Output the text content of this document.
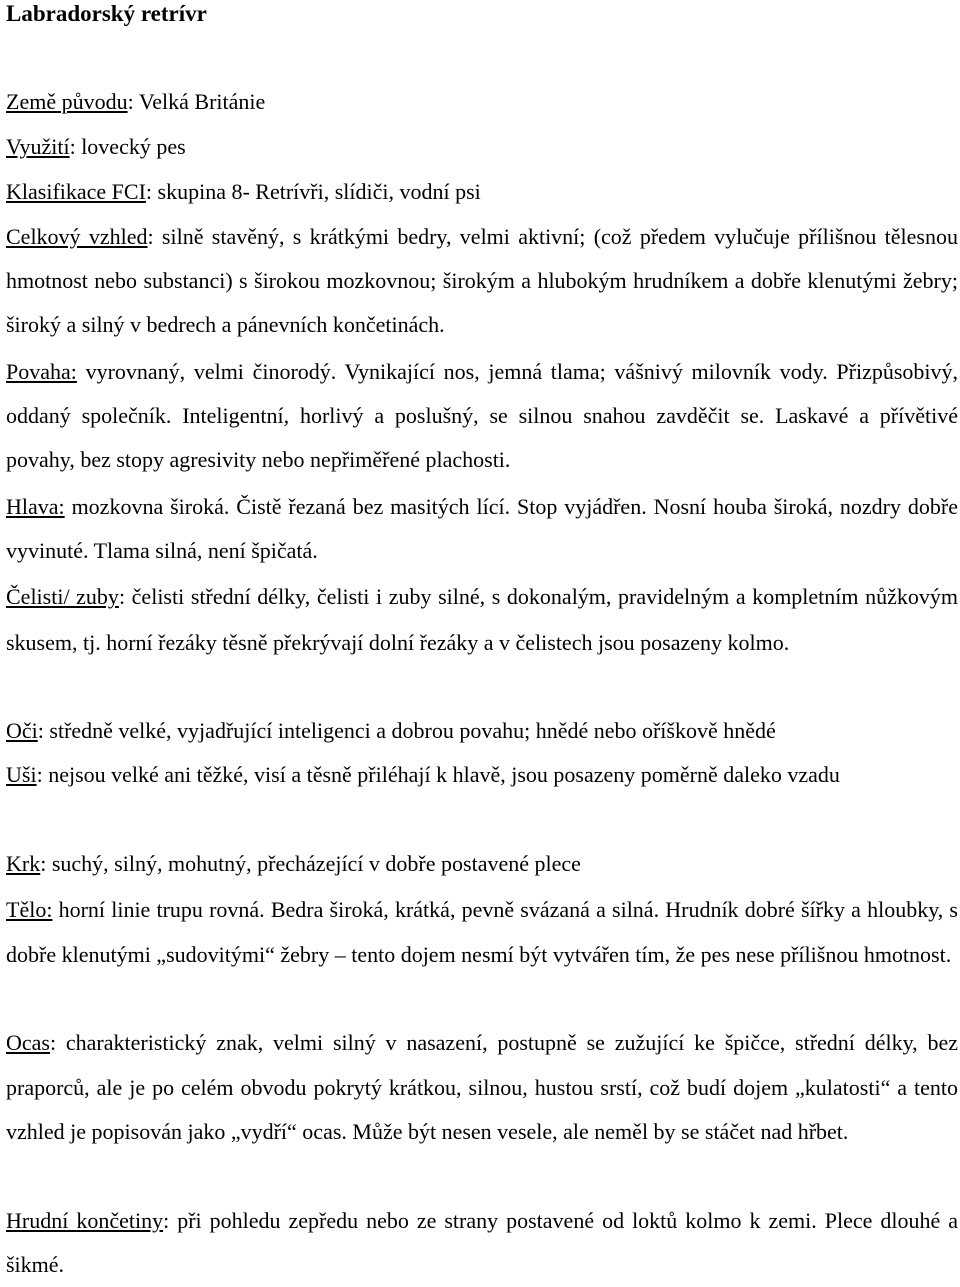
Labradorský retrívr

Země původu: Velká Británie

Využití: lovecký pes

Klasifikace FCI: skupina 8- Retrívři, slídiči, vodní psi

Celkový vzhled: silně stavěný, s krátkými bedry, velmi aktivní; (což předem vylučuje přílišnou tělesnou hmotnost nebo substanci) s širokou mozkovnou; širokým a hlubokým hrudníkem a dobře klenutými žebry; široký a silný v bedrech a pánevních končetinách.

Povaha: vyrovnaný, velmi činorodý. Vynikající nos, jemná tlama; vášnivý milovník vody. Přizpůsobivý, oddaný společník. Inteligentní, horlivý a poslušný, se silnou snahou zavděčit se. Laskavé a přívětivé povahy, bez stopy agresivity nebo nepřiměřené plachosti.

Hlava: mozkovna široká. Čistě řezaná bez masitých lící. Stop vyjádřen. Nosní houba široká, nozdry dobře vyvinuté. Tlama silná, není špičatá.

Čelisti/ zuby: čelisti střední délky, čelisti i zuby silné, s dokonalým, pravidelným a kompletním nůžkovým skusem, tj. horní řezáky těsně překrývají dolní řezáky a v čelistech jsou posazeny kolmo.

Oči: středně velké, vyjadřující inteligenci a dobrou povahu; hnědé nebo oříškově hnědé

Uši: nejsou velké ani těžké, visí a těsně přiléhají k hlavě, jsou posazeny poměrně daleko vzadu

Krk: suchý, silný, mohutný, přecházející v dobře postavené plece

Tělo: horní linie trupu rovná. Bedra široká, krátká, pevně svázaná a silná. Hrudník dobré šířky a hloubky, s dobře klenutými „sudovitými“ žebry – tento dojem nesmí být vytvářen tím, že pes nese přílišnou hmotnost.

Ocas: charakteristický znak, velmi silný v nasazení, postupně se zužující ke špičce, střední délky, bez praporců, ale je po celém obvodu pokrytý krátkou, silnou, hustou srstí, což budí dojem „kulatosti“ a tento vzhled je popisován jako „vydří“ ocas. Může být nesen vesele, ale neměl by se stáčet nad hřbet.

Hrudní končetiny: při pohledu zepředu nebo ze strany postavené od loktů kolmo k zemi. Plece dlouhé a šikmé.
